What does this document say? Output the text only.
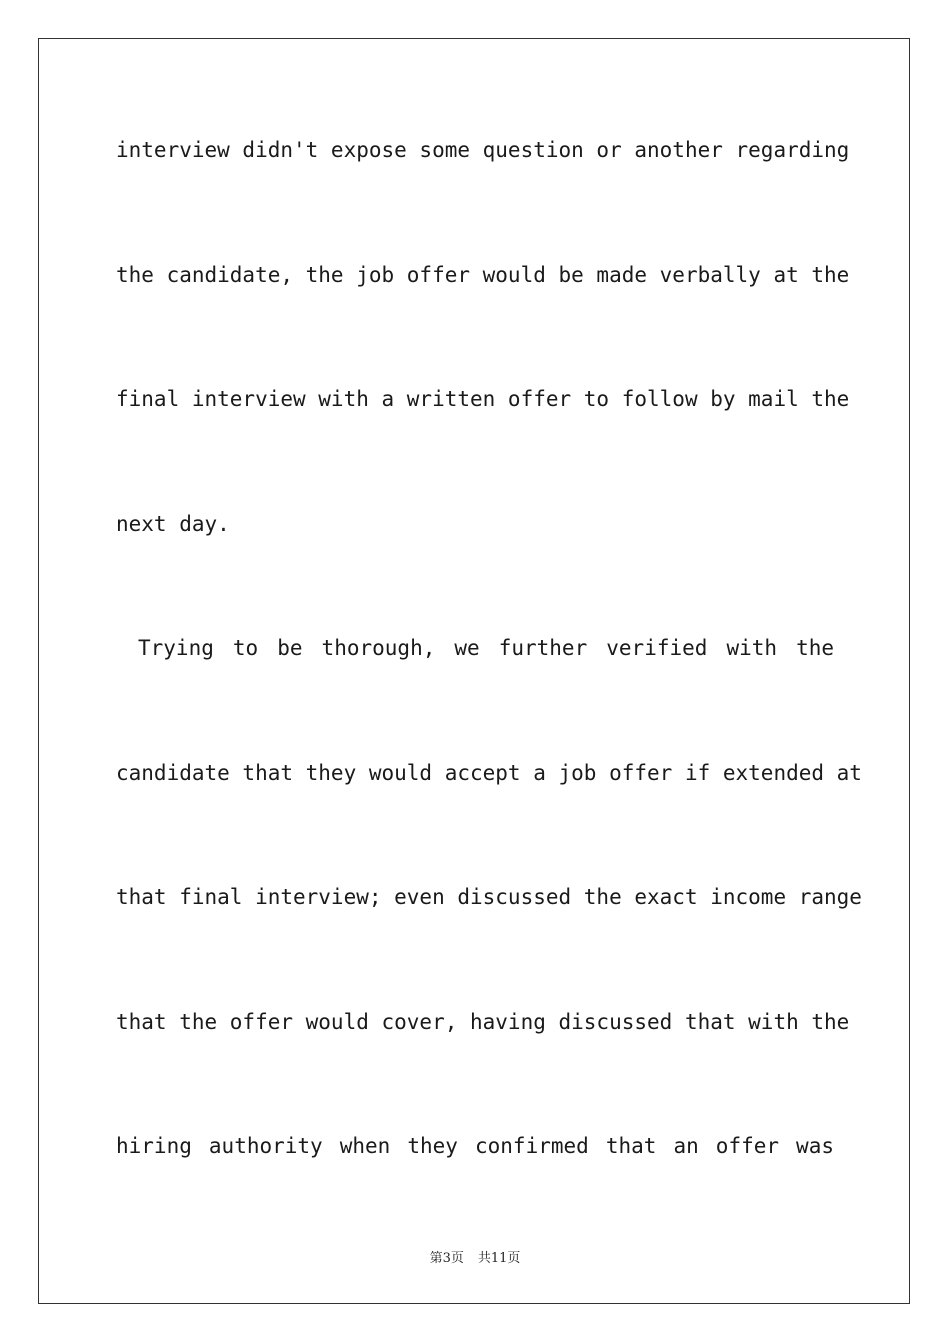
interview didn't expose some question or another regarding
the candidate, the job offer would be made verbally at the
final interview with a written offer to follow by mail the
next day.
Trying to be thorough, we further verified with the
candidate that they would accept a job offer if extended at
that final interview; even discussed the exact income range
that the offer would cover, having discussed that with the
hiring authority when they confirmed that an offer was
第3页 共11页
